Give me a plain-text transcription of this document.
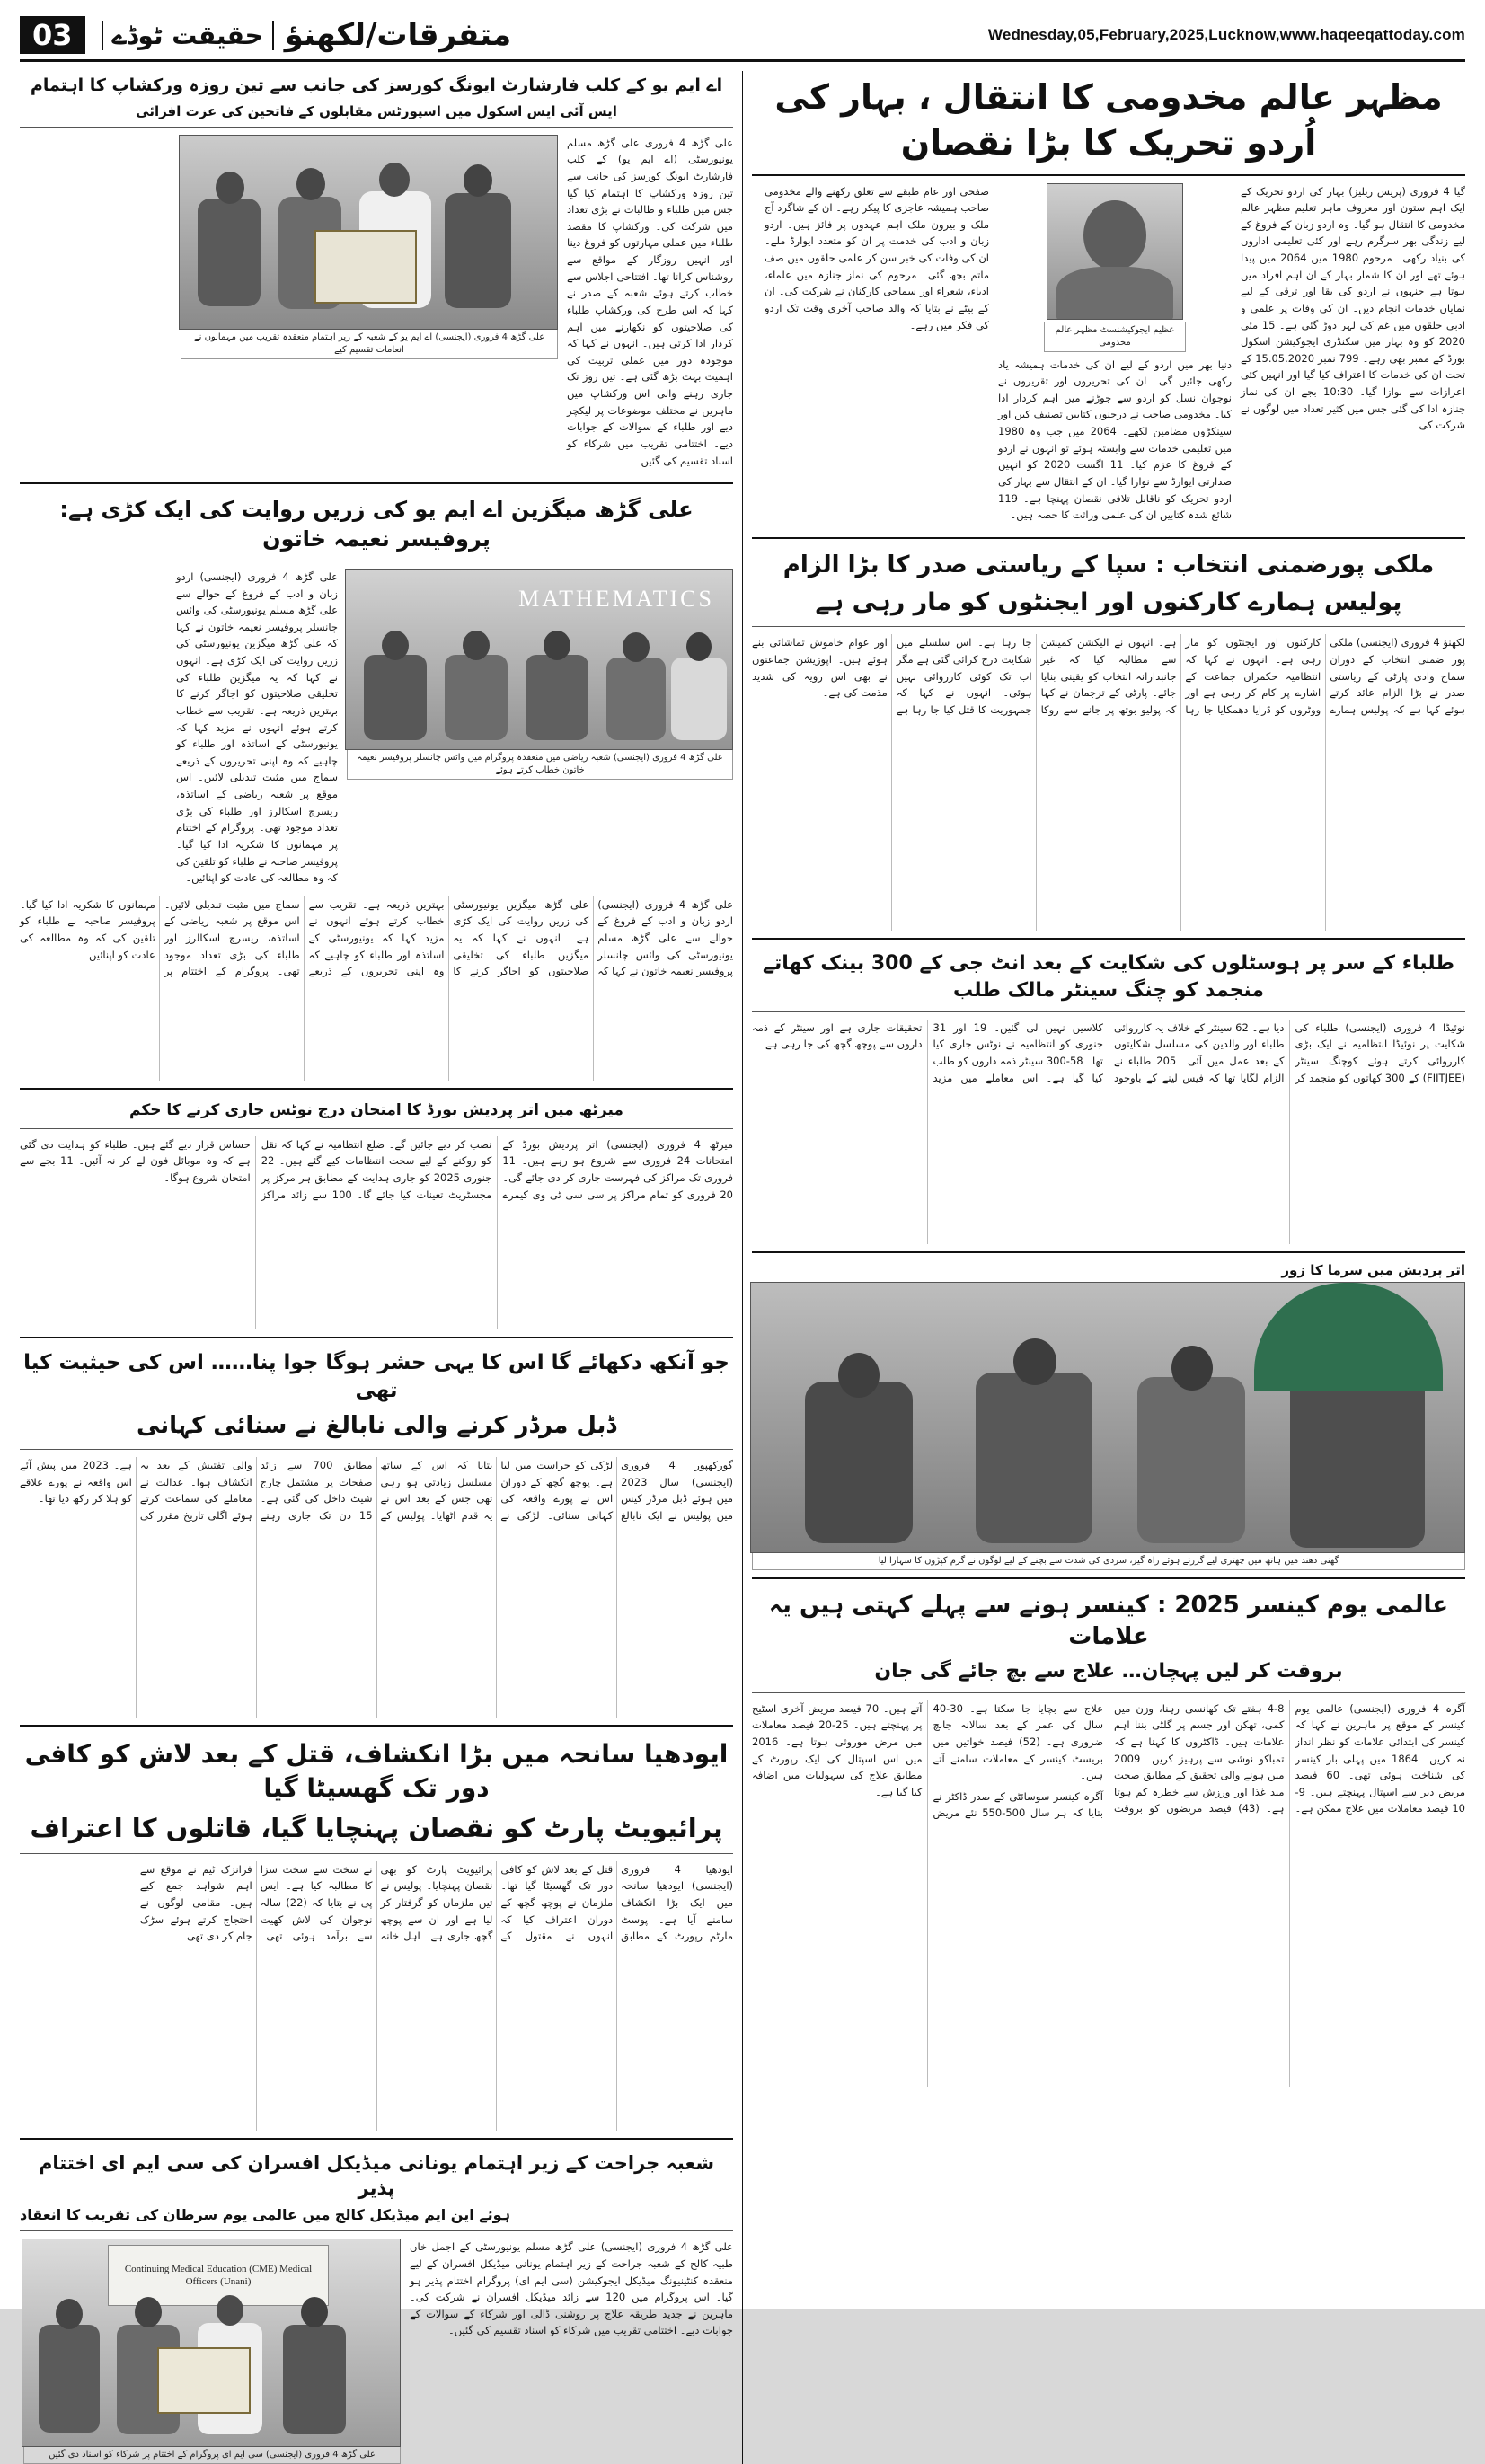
Wednesday,05,February,2025,Lucknow,www.haqeeqattoday.com
متفرقات/لکھنؤ
حقیقت ٹوڈے
03
مظہر عالم مخدومی کا انتقال ، بہار کی اُردو تحریک کا بڑا نقصان

گیا 4 فروری (پریس ریلیز) بہار کی اردو تحریک کے ایک اہم ستون اور معروف ماہر تعلیم مظہر عالم مخدومی کا انتقال ہو گیا۔ وہ اردو زبان کے فروغ کے لیے زندگی بھر سرگرم رہے اور کئی تعلیمی اداروں کی بنیاد رکھی۔ مرحوم 1980 میں 2064 میں پیدا ہوئے تھے اور ان کا شمار بہار کے ان اہم افراد میں ہوتا ہے جنہوں نے اردو کی بقا اور ترقی کے لیے نمایاں خدمات انجام دیں۔ ان کی وفات پر علمی و ادبی حلقوں میں غم کی لہر دوڑ گئی ہے۔ 15 مئی 2020 کو وہ بہار میں سکنڈری ایجوکیشن اسکول بورڈ کے ممبر بھی رہے۔ 799 نمبر 15.05.2020 کے تحت ان کی خدمات کا اعتراف کیا گیا اور انہیں کئی اعزازات سے نوازا گیا۔ 10:30 بجے ان کی نماز جنازہ ادا کی گئی جس میں کثیر تعداد میں لوگوں نے شرکت کی۔

عظیم ایجوکیشنسٹ مظہر عالم مخدومی

دنیا بھر میں اردو کے لیے ان کی خدمات ہمیشہ یاد رکھی جائیں گی۔ ان کی تحریروں اور تقریروں نے نوجوان نسل کو اردو سے جوڑنے میں اہم کردار ادا کیا۔ مخدومی صاحب نے درجنوں کتابیں تصنیف کیں اور سینکڑوں مضامین لکھے۔ 2064 میں جب وہ 1980 میں تعلیمی خدمات سے وابستہ ہوئے تو انہوں نے اردو کے فروغ کا عزم کیا۔ 11 اگست 2020 کو انہیں صدارتی ایوارڈ سے نوازا گیا۔ ان کے انتقال سے بہار کی اردو تحریک کو ناقابل تلافی نقصان پہنچا ہے۔ 119 شائع شدہ کتابیں ان کی علمی وراثت کا حصہ ہیں۔

صفحی اور عام طبقے سے تعلق رکھنے والے مخدومی صاحب ہمیشہ عاجزی کا پیکر رہے۔ ان کے شاگرد آج ملک و بیرون ملک اہم عہدوں پر فائز ہیں۔ اردو زبان و ادب کی خدمت پر ان کو متعدد ایوارڈ ملے۔ ان کی وفات کی خبر سن کر علمی حلقوں میں صف ماتم بچھ گئی۔ مرحوم کی نماز جنازہ میں علماء، ادباء، شعراء اور سماجی کارکنان نے شرکت کی۔ ان کے بیٹے نے بتایا کہ والد صاحب آخری وقت تک اردو کی فکر میں رہے۔

ملکی پورضمنی انتخاب : سپا کے ریاستی صدر کا بڑا الزام
پولیس ہمارے کارکنوں اور ایجنٹوں کو مار رہی ہے

لکھنؤ 4 فروری (ایجنسی) ملکی پور ضمنی انتخاب کے دوران سماج وادی پارٹی کے ریاستی صدر نے بڑا الزام عائد کرتے ہوئے کہا ہے کہ پولیس ہمارے کارکنوں اور ایجنٹوں کو مار رہی ہے۔ انہوں نے کہا کہ انتظامیہ حکمراں جماعت کے اشارے پر کام کر رہی ہے اور ووٹروں کو ڈرایا دھمکایا جا رہا ہے۔ انہوں نے الیکشن کمیشن سے مطالبہ کیا کہ غیر جانبدارانہ انتخاب کو یقینی بنایا جائے۔ پارٹی کے ترجمان نے کہا کہ پولیو بوتھ پر جانے سے روکا جا رہا ہے۔ اس سلسلے میں شکایت درج کرائی گئی ہے مگر اب تک کوئی کارروائی نہیں ہوئی۔ انہوں نے کہا کہ جمہوریت کا قتل کیا جا رہا ہے اور عوام خاموش تماشائی بنے ہوئے ہیں۔ اپوزیشن جماعتوں نے بھی اس رویہ کی شدید مذمت کی ہے۔

طلباء کے سر پر ہوسٹلوں کی شکایت کے بعد انٹ جی کے 300 بینک کھاتے منجمد کو چنگ سینٹر مالک طلب

نوئیڈا 4 فروری (ایجنسی) طلباء کی شکایت پر نوئیڈا انتظامیہ نے ایک بڑی کارروائی کرتے ہوئے کوچنگ سینٹر (FIITJEE) کے 300 کھاتوں کو منجمد کر دیا ہے۔ 62 سینٹر کے خلاف یہ کارروائی طلباء اور والدین کی مسلسل شکایتوں کے بعد عمل میں آئی۔ 205 طلباء نے الزام لگایا تھا کہ فیس لینے کے باوجود کلاسیں نہیں لی گئیں۔ 19 اور 31 جنوری کو انتظامیہ نے نوٹس جاری کیا تھا۔ 58-300 سینٹر ذمہ داروں کو طلب کیا گیا ہے۔ اس معاملے میں مزید تحقیقات جاری ہے اور سینٹر کے ذمہ داروں سے پوچھ گچھ کی جا رہی ہے۔

اتر پردیش میں سرما کا زور
گھنی دھند میں ہاتھ میں چھتری لیے گزرتے ہوئے راہ گیر، سردی کی شدت سے بچنے کے لیے لوگوں نے گرم کپڑوں کا سہارا لیا
عالمی یوم کینسر 2025 : کینسر ہونے سے پہلے کہتی ہیں یہ علامات
بروقت کر لیں پہچان… علاج سے بچ جائے گی جان

آگرہ 4 فروری (ایجنسی) عالمی یوم کینسر کے موقع پر ماہرین نے کہا کہ کینسر کی ابتدائی علامات کو نظر انداز نہ کریں۔ 1864 میں پہلی بار کینسر کی شناخت ہوئی تھی۔ 60 فیصد مریض دیر سے اسپتال پہنچتے ہیں۔ 9-10 فیصد معاملات میں علاج ممکن ہے۔ 8-4 ہفتے تک کھانسی رہنا، وزن میں کمی، تھکن اور جسم پر گلٹی بننا اہم علامات ہیں۔ ڈاکٹروں کا کہنا ہے کہ تمباکو نوشی سے پرہیز کریں۔ 2009 میں ہونے والی تحقیق کے مطابق صحت مند غذا اور ورزش سے خطرہ کم ہوتا ہے۔ (43) فیصد مریضوں کو بروقت علاج سے بچایا جا سکتا ہے۔ 30-40 سال کی عمر کے بعد سالانہ جانچ ضروری ہے۔ (52) فیصد خواتین میں بریسٹ کینسر کے معاملات سامنے آتے ہیں۔

آگرہ کینسر سوسائٹی کے صدر ڈاکٹر نے بتایا کہ ہر سال 500-550 نئے مریض آتے ہیں۔ 70 فیصد مریض آخری اسٹیج پر پہنچتے ہیں۔ 25-20 فیصد معاملات میں مرض موروثی ہوتا ہے۔ 2016 میں اس اسپتال کی ایک رپورٹ کے مطابق علاج کی سہولیات میں اضافہ کیا گیا ہے۔

اے ایم یو کے کلب فارشارٹ ایونگ کورسز کی جانب سے تین روزہ ورکشاپ کا اہتمام
ایس آئی ایس اسکول میں اسپورٹس مقابلوں کے فاتحین کی عزت افزائی

علی گڑھ 4 فروری علی گڑھ مسلم یونیورسٹی (اے ایم یو) کے کلب فارشارٹ ایونگ کورسز کی جانب سے تین روزہ ورکشاپ کا اہتمام کیا گیا جس میں طلباء و طالبات نے بڑی تعداد میں شرکت کی۔ ورکشاپ کا مقصد طلباء میں عملی مہارتوں کو فروغ دینا اور انہیں روزگار کے مواقع سے روشناس کرانا تھا۔ افتتاحی اجلاس سے خطاب کرتے ہوئے شعبہ کے صدر نے کہا کہ اس طرح کی ورکشاپ طلباء کی صلاحیتوں کو نکھارنے میں اہم کردار ادا کرتی ہیں۔ انہوں نے کہا کہ موجودہ دور میں عملی تربیت کی اہمیت بہت بڑھ گئی ہے۔ تین روز تک جاری رہنے والی اس ورکشاپ میں ماہرین نے مختلف موضوعات پر لیکچر دیے اور طلباء کے سوالات کے جوابات دیے۔ اختتامی تقریب میں شرکاء کو اسناد تقسیم کی گئیں۔

علی گڑھ 4 فروری (ایجنسی) اے ایم یو کے شعبہ کے زیر اہتمام منعقدہ تقریب میں مہمانوں نے انعامات تقسیم کیے
علی گڑھ میگزین اے ایم یو کی زریں روایت کی ایک کڑی ہے: پروفیسر نعیمہ خاتون
MATHEMATICS
علی گڑھ 4 فروری (ایجنسی) شعبہ ریاضی میں منعقدہ پروگرام میں وائس چانسلر پروفیسر نعیمہ خاتون خطاب کرتے ہوئے

علی گڑھ 4 فروری (ایجنسی) اردو زبان و ادب کے فروغ کے حوالے سے علی گڑھ مسلم یونیورسٹی کی وائس چانسلر پروفیسر نعیمہ خاتون نے کہا کہ علی گڑھ میگزین یونیورسٹی کی زریں روایت کی ایک کڑی ہے۔ انہوں نے کہا کہ یہ میگزین طلباء کی تخلیقی صلاحیتوں کو اجاگر کرنے کا بہترین ذریعہ ہے۔ تقریب سے خطاب کرتے ہوئے انہوں نے مزید کہا کہ یونیورسٹی کے اساتذہ اور طلباء کو چاہیے کہ وہ اپنی تحریروں کے ذریعے سماج میں مثبت تبدیلی لائیں۔ اس موقع پر شعبہ ریاضی کے اساتذہ، ریسرچ اسکالرز اور طلباء کی بڑی تعداد موجود تھی۔ پروگرام کے اختتام پر مہمانوں کا شکریہ ادا کیا گیا۔ پروفیسر صاحبہ نے طلباء کو تلقین کی کہ وہ مطالعہ کی عادت کو اپنائیں۔

علی گڑھ 4 فروری (ایجنسی) اردو زبان و ادب کے فروغ کے حوالے سے علی گڑھ مسلم یونیورسٹی کی وائس چانسلر پروفیسر نعیمہ خاتون نے کہا کہ علی گڑھ میگزین یونیورسٹی کی زریں روایت کی ایک کڑی ہے۔ انہوں نے کہا کہ یہ میگزین طلباء کی تخلیقی صلاحیتوں کو اجاگر کرنے کا بہترین ذریعہ ہے۔ تقریب سے خطاب کرتے ہوئے انہوں نے مزید کہا کہ یونیورسٹی کے اساتذہ اور طلباء کو چاہیے کہ وہ اپنی تحریروں کے ذریعے سماج میں مثبت تبدیلی لائیں۔ اس موقع پر شعبہ ریاضی کے اساتذہ، ریسرچ اسکالرز اور طلباء کی بڑی تعداد موجود تھی۔ پروگرام کے اختتام پر مہمانوں کا شکریہ ادا کیا گیا۔ پروفیسر صاحبہ نے طلباء کو تلقین کی کہ وہ مطالعہ کی عادت کو اپنائیں۔

میرٹھ میں اتر پردیش بورڈ کا امتحان درج نوٹس جاری کرنے کا حکم

میرٹھ 4 فروری (ایجنسی) اتر پردیش بورڈ کے امتحانات 24 فروری سے شروع ہو رہے ہیں۔ 11 فروری تک مراکز کی فہرست جاری کر دی جائے گی۔ 20 فروری کو تمام مراکز پر سی سی ٹی وی کیمرے نصب کر دیے جائیں گے۔ ضلع انتظامیہ نے کہا کہ نقل کو روکنے کے لیے سخت انتظامات کیے گئے ہیں۔ 22 جنوری 2025 کو جاری ہدایت کے مطابق ہر مرکز پر مجسٹریٹ تعینات کیا جائے گا۔ 100 سے زائد مراکز حساس قرار دیے گئے ہیں۔ طلباء کو ہدایت دی گئی ہے کہ وہ موبائل فون لے کر نہ آئیں۔ 11 بجے سے امتحان شروع ہوگا۔

جو آنکھ دکھائے گا اس کا یہی حشر ہوگا جوا پنا…… اس کی حیثیت کیا تھی
ڈبل مرڈر کرنے والی نابالغ نے سنائی کہانی

گورکھپور 4 فروری (ایجنسی) سال 2023 میں ہوئے ڈبل مرڈر کیس میں پولیس نے ایک نابالغ لڑکی کو حراست میں لیا ہے۔ پوچھ گچھ کے دوران اس نے پورے واقعہ کی کہانی سنائی۔ لڑکی نے بتایا کہ اس کے ساتھ مسلسل زیادتی ہو رہی تھی جس کے بعد اس نے یہ قدم اٹھایا۔ پولیس کے مطابق 700 سے زائد صفحات پر مشتمل چارج شیٹ داخل کی گئی ہے۔ 15 دن تک جاری رہنے والی تفتیش کے بعد یہ انکشاف ہوا۔ عدالت نے معاملے کی سماعت کرتے ہوئے اگلی تاریخ مقرر کی ہے۔ 2023 میں پیش آئے اس واقعہ نے پورے علاقے کو ہلا کر رکھ دیا تھا۔

ایودھیا سانحہ میں بڑا انکشاف، قتل کے بعد لاش کو کافی دور تک گھسیٹا گیا
پرائیویٹ پارٹ کو نقصان پہنچایا گیا، قاتلوں کا اعتراف

ایودھیا 4 فروری (ایجنسی) ایودھیا سانحہ میں ایک بڑا انکشاف سامنے آیا ہے۔ پوسٹ مارٹم رپورٹ کے مطابق قتل کے بعد لاش کو کافی دور تک گھسیٹا گیا تھا۔ ملزمان نے پوچھ گچھ کے دوران اعتراف کیا کہ انہوں نے مقتول کے پرائیویٹ پارٹ کو بھی نقصان پہنچایا۔ پولیس نے تین ملزمان کو گرفتار کر لیا ہے اور ان سے پوچھ گچھ جاری ہے۔ اہل خانہ نے سخت سے سخت سزا کا مطالبہ کیا ہے۔ ایس پی نے بتایا کہ (22) سالہ نوجوان کی لاش کھیت سے برآمد ہوئی تھی۔ فرانزک ٹیم نے موقع سے اہم شواہد جمع کیے ہیں۔ مقامی لوگوں نے احتجاج کرتے ہوئے سڑک جام کر دی تھی۔

شعبہ جراحت کے زیر اہتمام یونانی میڈیکل افسران کی سی ایم ای اختتام پذیر
ہوئے این ایم میڈیکل کالج میں عالمی یوم سرطان کی تقریب کا انعقاد

علی گڑھ 4 فروری (ایجنسی) علی گڑھ مسلم یونیورسٹی کے اجمل خاں طبیہ کالج کے شعبہ جراحت کے زیر اہتمام یونانی میڈیکل افسران کے لیے منعقدہ کنٹینیونگ میڈیکل ایجوکیشن (سی ایم ای) پروگرام اختتام پذیر ہو گیا۔ اس پروگرام میں 120 سے زائد میڈیکل افسران نے شرکت کی۔ ماہرین نے جدید طریقہ علاج پر روشنی ڈالی اور شرکاء کے سوالات کے جوابات دیے۔ اختتامی تقریب میں شرکاء کو اسناد تقسیم کی گئیں۔

Continuing Medical Education (CME) Medical Officers (Unani)
علی گڑھ 4 فروری (ایجنسی) سی ایم ای پروگرام کے اختتام پر شرکاء کو اسناد دی گئیں
